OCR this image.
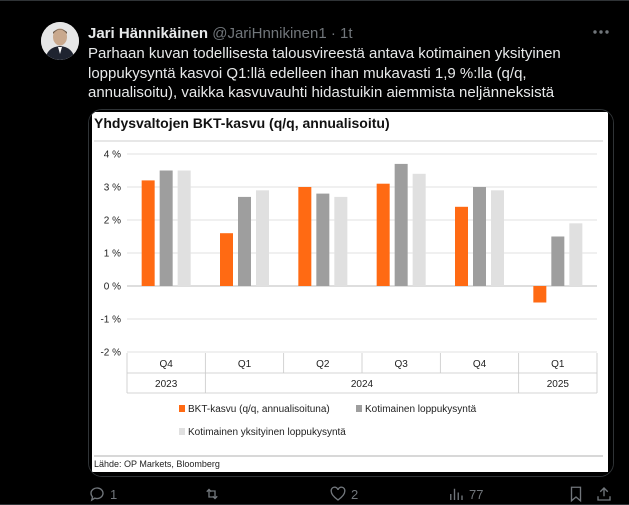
Jari Hännikäinen @JariHnnikinen1 · 1t
Parhaan kuvan todellisesta talousvireestä antava kotimainen yksityinen loppukysyntä kasvoi Q1:llä edelleen ihan mukavasti 1,9 %:lla (q/q, annualisoitu), vaikka kasvuvauhti hidastuikin aiemmista neljänneksistä
Yhdysvaltojen BKT-kasvu (q/q, annualisoitu)
4 %
3 %
2 %
1 %
0 %
-1 %
-2 %
Q4	Q1	Q2	Q3	Q4	Q1
2023	2024	2025
BKT-kasvu (q/q, annualisoituna)	Kotimainen loppukysyntä
Kotimainen yksityinen loppukysyntä
Lähde: OP Markets, Bloomberg
1	2	77
